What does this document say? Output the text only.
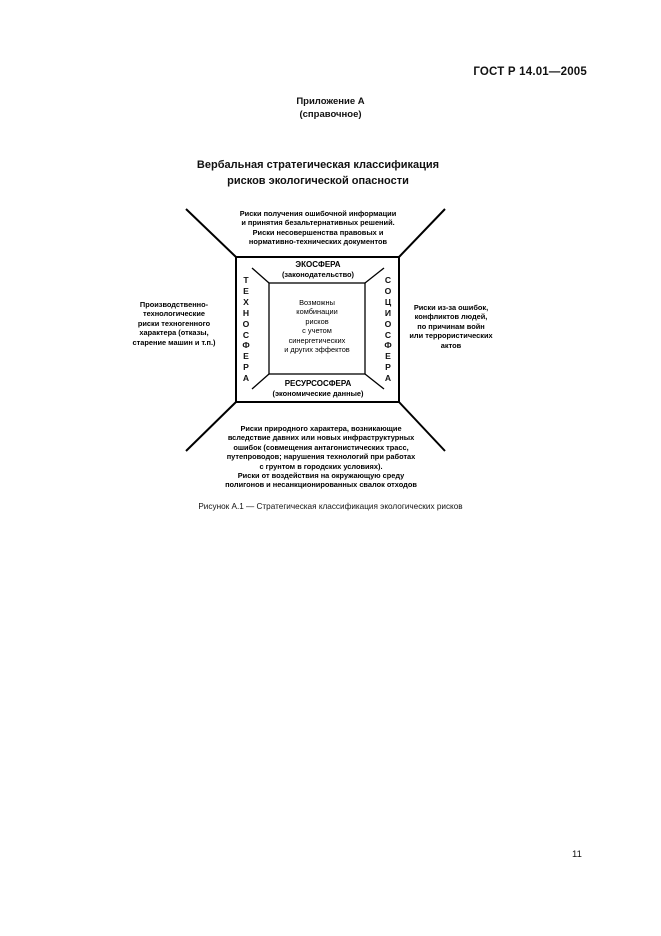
ГОСТ Р 14.01—2005
Приложение А
(справочное)
Вербальная стратегическая классификация
рисков экологической опасности
Риски получения ошибочной информации
и принятия безальтернативных решений.
Риски несовершенства правовых и
нормативно-технических документов
ЭКОСФЕРА
(законодательство)
Возможны
комбинации
рисков
с учетом
синергетических
и других эффектов
РЕСУРСОСФЕРА
(экономические данные)
Т
Е
Х
Н
О
С
Ф
Е
Р
А
С
О
Ц
И
О
С
Ф
Е
Р
А
Производственно-
технологические
риски техногенного
характера (отказы,
старение машин и т.п.)
Риски из-за ошибок,
конфликтов людей,
по причинам войн
или террористических
актов
Риски природного характера, возникающие
вследствие давних или новых инфраструктурных
ошибок (совмещения антагонистических трасс,
путепроводов; нарушения технологий при работах
с грунтом в городских условиях).
Риски от воздействия на окружающую среду
полигонов и несанкционированных свалок отходов
Рисунок А.1 — Стратегическая классификация экологических рисков
11
